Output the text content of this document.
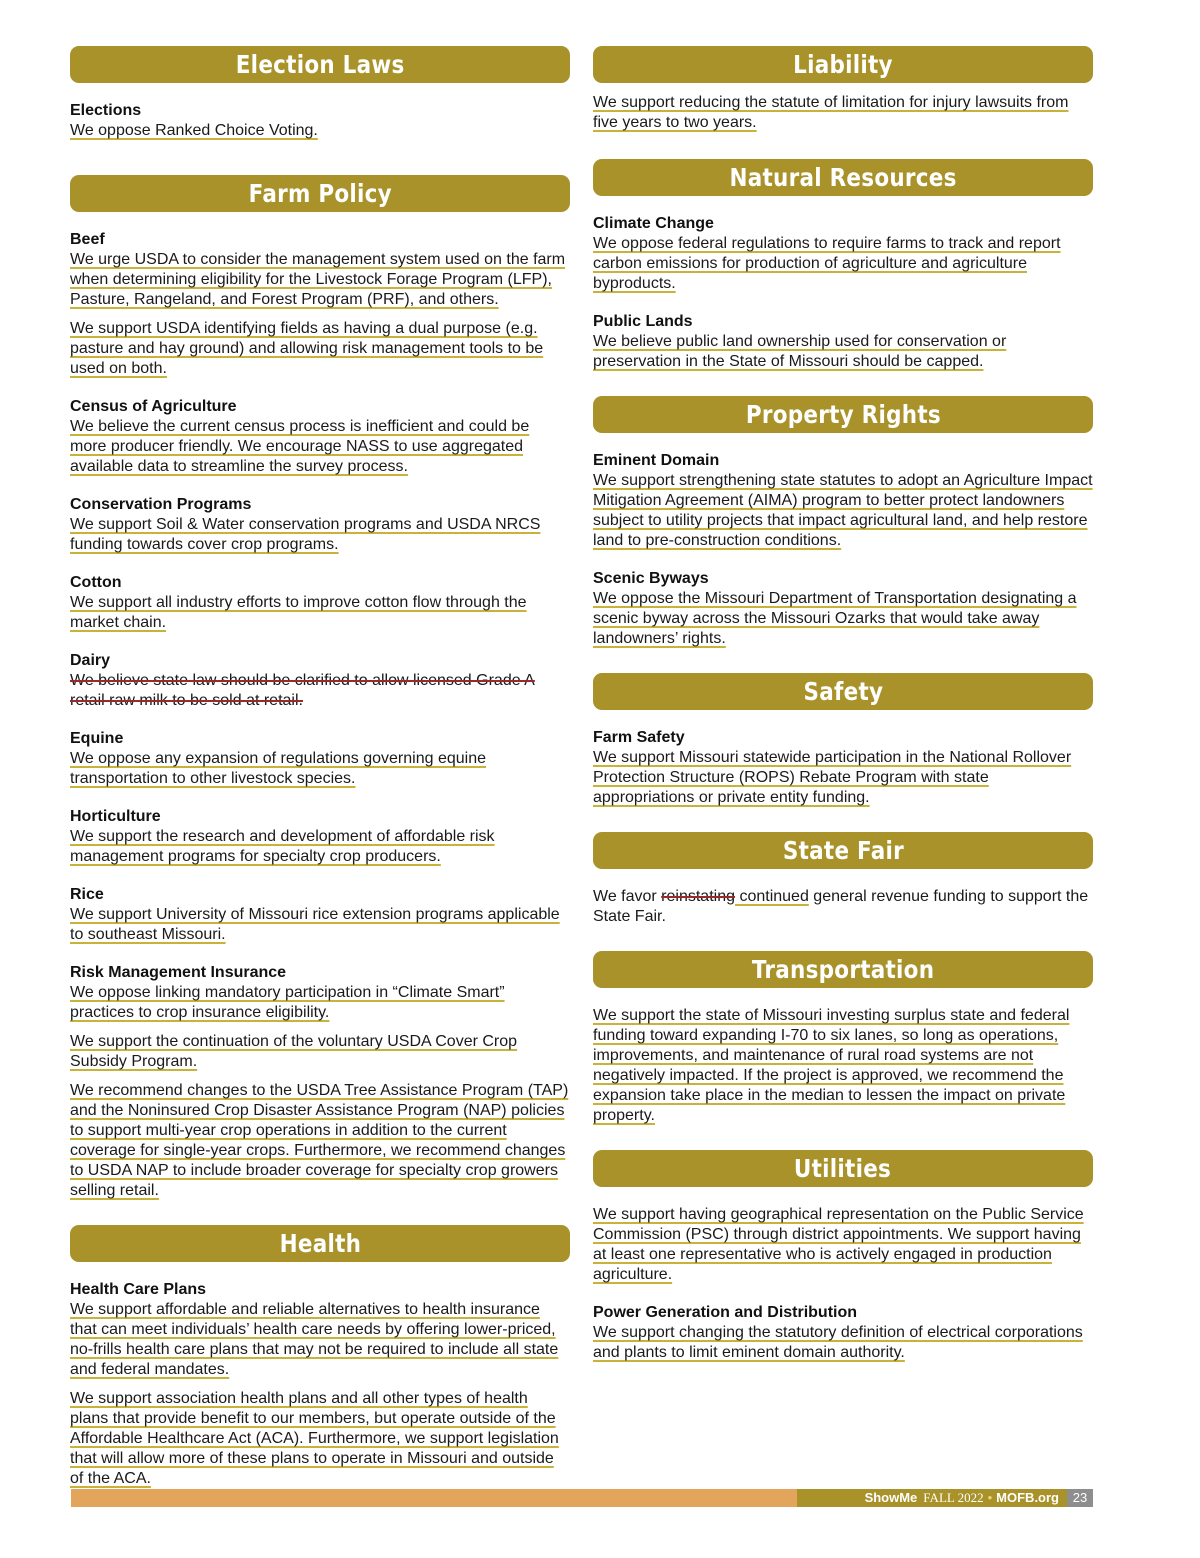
Election Laws
Elections

We oppose Ranked Choice Voting.

Farm Policy
Beef

We urge USDA to consider the management system used on the farm when determining eligibility for the Livestock Forage Program (LFP), Pasture, Rangeland, and Forest Program (PRF), and others.

We support USDA identifying fields as having a dual purpose (e.g. pasture and hay ground) and allowing risk management tools to be used on both.

Census of Agriculture

We believe the current census process is inefficient and could be more producer friendly. We encourage NASS to use aggregated available data to streamline the survey process.

Conservation Programs

We support Soil & Water conservation programs and USDA NRCS funding towards cover crop programs.

Cotton

We support all industry efforts to improve cotton flow through the market chain.

Dairy

We believe state law should be clarified to allow licensed Grade A retail raw milk to be sold at retail.

Equine

We oppose any expansion of regulations governing equine transportation to other livestock species.

Horticulture

We support the research and development of affordable risk management programs for specialty crop producers.

Rice

We support University of Missouri rice extension programs applicable to southeast Missouri.

Risk Management Insurance

We oppose linking mandatory participation in “Climate Smart” practices to crop insurance eligibility.

We support the continuation of the voluntary USDA Cover Crop Subsidy Program.

We recommend changes to the USDA Tree Assistance Program (TAP) and the Noninsured Crop Disaster Assistance Program (NAP) policies to support multi-year crop operations in addition to the current coverage for single-year crops. Furthermore, we recommend changes to USDA NAP to include broader coverage for specialty crop growers selling retail.

Health
Health Care Plans

We support affordable and reliable alternatives to health insurance that can meet individuals’ health care needs by offering lower-priced, no-frills health care plans that may not be required to include all state and federal mandates.

We support association health plans and all other types of health plans that provide benefit to our members, but operate outside of the Affordable Healthcare Act (ACA). Furthermore, we support legislation that will allow more of these plans to operate in Missouri and outside of the ACA.

Liability

We support reducing the statute of limitation for injury lawsuits from five years to two years.

Natural Resources
Climate Change

We oppose federal regulations to require farms to track and report carbon emissions for production of agriculture and agriculture byproducts.

Public Lands

We believe public land ownership used for conservation or preservation in the State of Missouri should be capped.

Property Rights
Eminent Domain

We support strengthening state statutes to adopt an Agriculture Impact Mitigation Agreement (AIMA) program to better protect landowners subject to utility projects that impact agricultural land, and help restore land to pre-construction conditions.

Scenic Byways

We oppose the Missouri Department of Transportation designating a scenic byway across the Missouri Ozarks that would take away landowners’ rights.

Safety
Farm Safety

We support Missouri statewide participation in the National Rollover Protection Structure (ROPS) Rebate Program with state appropriations or private entity funding.

State Fair

We favor reinstating continued general revenue funding to support the State Fair.

Transportation

We support the state of Missouri investing surplus state and federal funding toward expanding I-70 to six lanes, so long as operations, improvements, and maintenance of rural road systems are not negatively impacted. If the project is approved, we recommend the expansion take place in the median to lessen the impact on private property.

Utilities

We support having geographical representation on the Public Service Commission (PSC) through district appointments. We support having at least one representative who is actively engaged in production agriculture.

Power Generation and Distribution

We support changing the statutory definition of electrical corporations and plants to limit eminent domain authority.

ShowMe FALL 2022 • MOFB.org	23
